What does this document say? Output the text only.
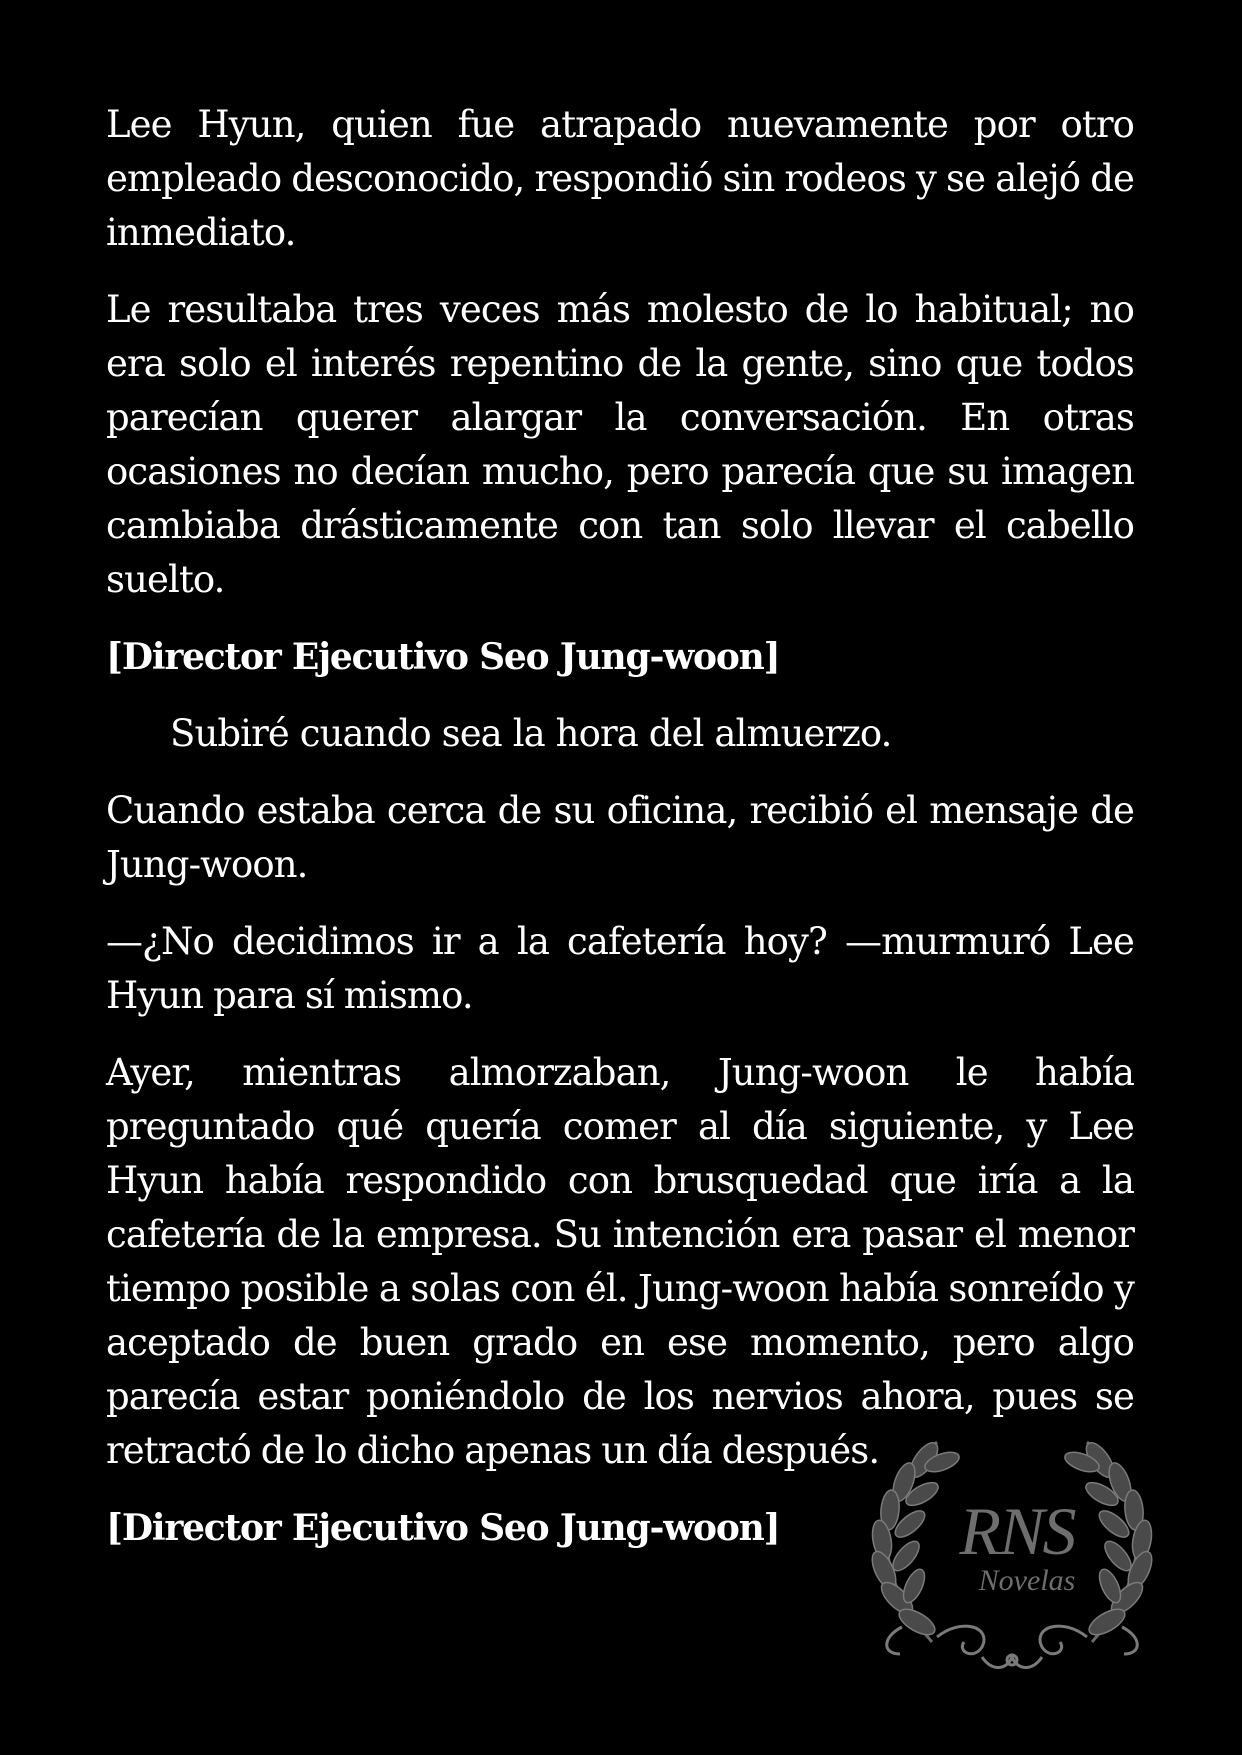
Lee Hyun, quien fue atrapado nuevamente por otro empleado desconocido, respondió sin rodeos y se alejó de inmediato.

Le resultaba tres veces más molesto de lo habitual; no era solo el interés repentino de la gente, sino que todos parecían querer alargar la conversación. En otras ocasiones no decían mucho, pero parecía que su imagen cambiaba drásticamente con tan solo llevar el cabello suelto.

[Director Ejecutivo Seo Jung-woon]

Subiré cuando sea la hora del almuerzo.

Cuando estaba cerca de su oficina, recibió el mensaje de Jung-woon.

—¿No decidimos ir a la cafetería hoy? —murmuró Lee Hyun para sí mismo.

Ayer, mientras almorzaban, Jung-woon le había preguntado qué quería comer al día siguiente, y Lee Hyun había respondido con brusquedad que iría a la cafetería de la empresa. Su intención era pasar el menor tiempo posible a solas con él. Jung-woon había sonreído y aceptado de buen grado en ese momento, pero algo parecía estar poniéndolo de los nervios ahora, pues se retractó de lo dicho apenas un día después.

[Director Ejecutivo Seo Jung-woon]	RNS
Novelas
